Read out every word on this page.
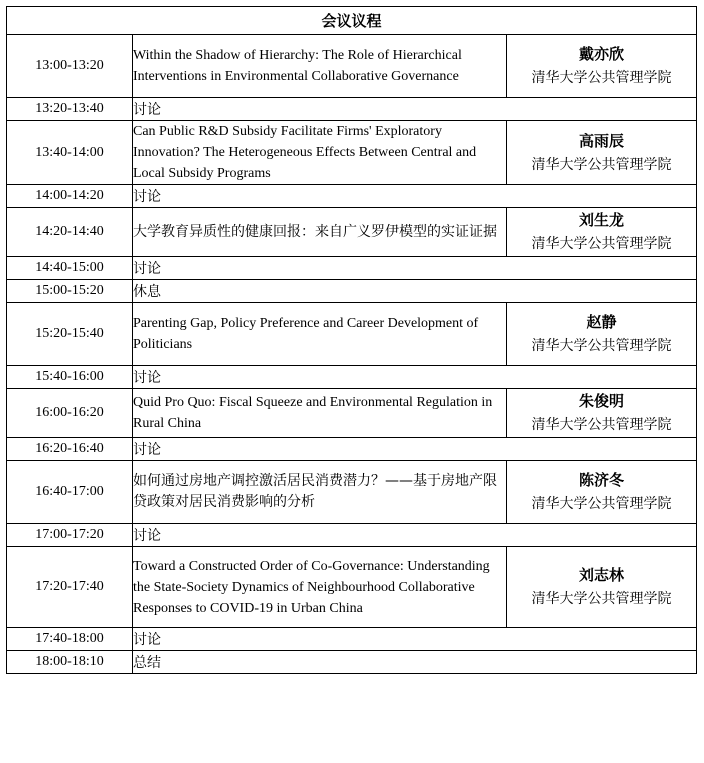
会议议程		
13:00-13:20	Within the Shadow of Hierarchy: The Role of Hierarchical Interventions in Environmental Collaborative Governance	戴亦欣
清华大学公共管理学院

13:20-13:40	讨论	
13:40-14:00	Can Public R&D Subsidy Facilitate Firms' Exploratory Innovation? The Heterogeneous Effects Between Central and Local Subsidy Programs	高雨辰
清华大学公共管理学院

14:00-14:20	讨论	
14:20-14:40	大学教育异质性的健康回报：来自广义罗伊模型的实证证据	刘生龙
清华大学公共管理学院

14:40-15:00	讨论	
15:00-15:20	休息	
15:20-15:40	Parenting Gap, Policy Preference and Career Development of Politicians	赵静
清华大学公共管理学院

15:40-16:00	讨论	
16:00-16:20	Quid Pro Quo: Fiscal Squeeze and Environmental Regulation in Rural China	朱俊明
清华大学公共管理学院

16:20-16:40	讨论	
16:40-17:00	如何通过房地产调控激活居民消费潜力？——基于房地产限贷政策对居民消费影响的分析	陈济冬
清华大学公共管理学院

17:00-17:20	讨论	
17:20-17:40	Toward a Constructed Order of Co-Governance: Understanding the State-Society Dynamics of Neighbourhood Collaborative Responses to COVID-19 in Urban China	刘志林
清华大学公共管理学院

17:40-18:00	讨论	
18:00-18:10	总结	
